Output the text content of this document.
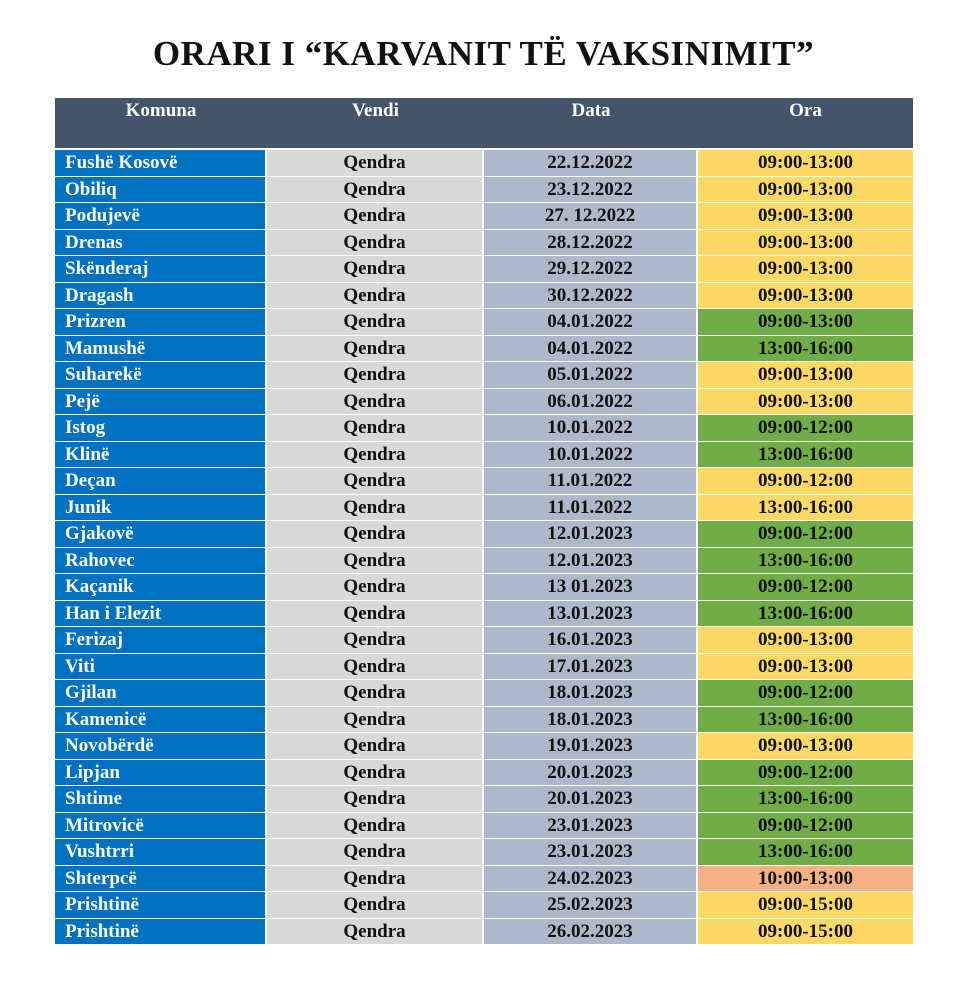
ORARI I “KARVANIT TË VAKSINIMIT”
Komuna	Vendi	Data	Ora
Fushë Kosovë	Qendra	22.12.2022	09:00-13:00
Obiliq	Qendra	23.12.2022	09:00-13:00
Podujevë	Qendra	27. 12.2022	09:00-13:00
Drenas	Qendra	28.12.2022	09:00-13:00
Skënderaj	Qendra	29.12.2022	09:00-13:00
Dragash	Qendra	30.12.2022	09:00-13:00
Prizren	Qendra	04.01.2022	09:00-13:00
Mamushë	Qendra	04.01.2022	13:00-16:00
Suharekë	Qendra	05.01.2022	09:00-13:00
Pejë	Qendra	06.01.2022	09:00-13:00
Istog	Qendra	10.01.2022	09:00-12:00
Klinë	Qendra	10.01.2022	13:00-16:00
Deçan	Qendra	11.01.2022	09:00-12:00
Junik	Qendra	11.01.2022	13:00-16:00
Gjakovë	Qendra	12.01.2023	09:00-12:00
Rahovec	Qendra	12.01.2023	13:00-16:00
Kaçanik	Qendra	13 01.2023	09:00-12:00
Han i Elezit	Qendra	13.01.2023	13:00-16:00
Ferizaj	Qendra	16.01.2023	09:00-13:00
Viti	Qendra	17.01.2023	09:00-13:00
Gjilan	Qendra	18.01.2023	09:00-12:00
Kamenicë	Qendra	18.01.2023	13:00-16:00
Novobërdë	Qendra	19.01.2023	09:00-13:00
Lipjan	Qendra	20.01.2023	09:00-12:00
Shtime	Qendra	20.01.2023	13:00-16:00
Mitrovicë	Qendra	23.01.2023	09:00-12:00
Vushtrri	Qendra	23.01.2023	13:00-16:00
Shterpcë	Qendra	24.02.2023	10:00-13:00
Prishtinë	Qendra	25.02.2023	09:00-15:00
Prishtinë	Qendra	26.02.2023	09:00-15:00
